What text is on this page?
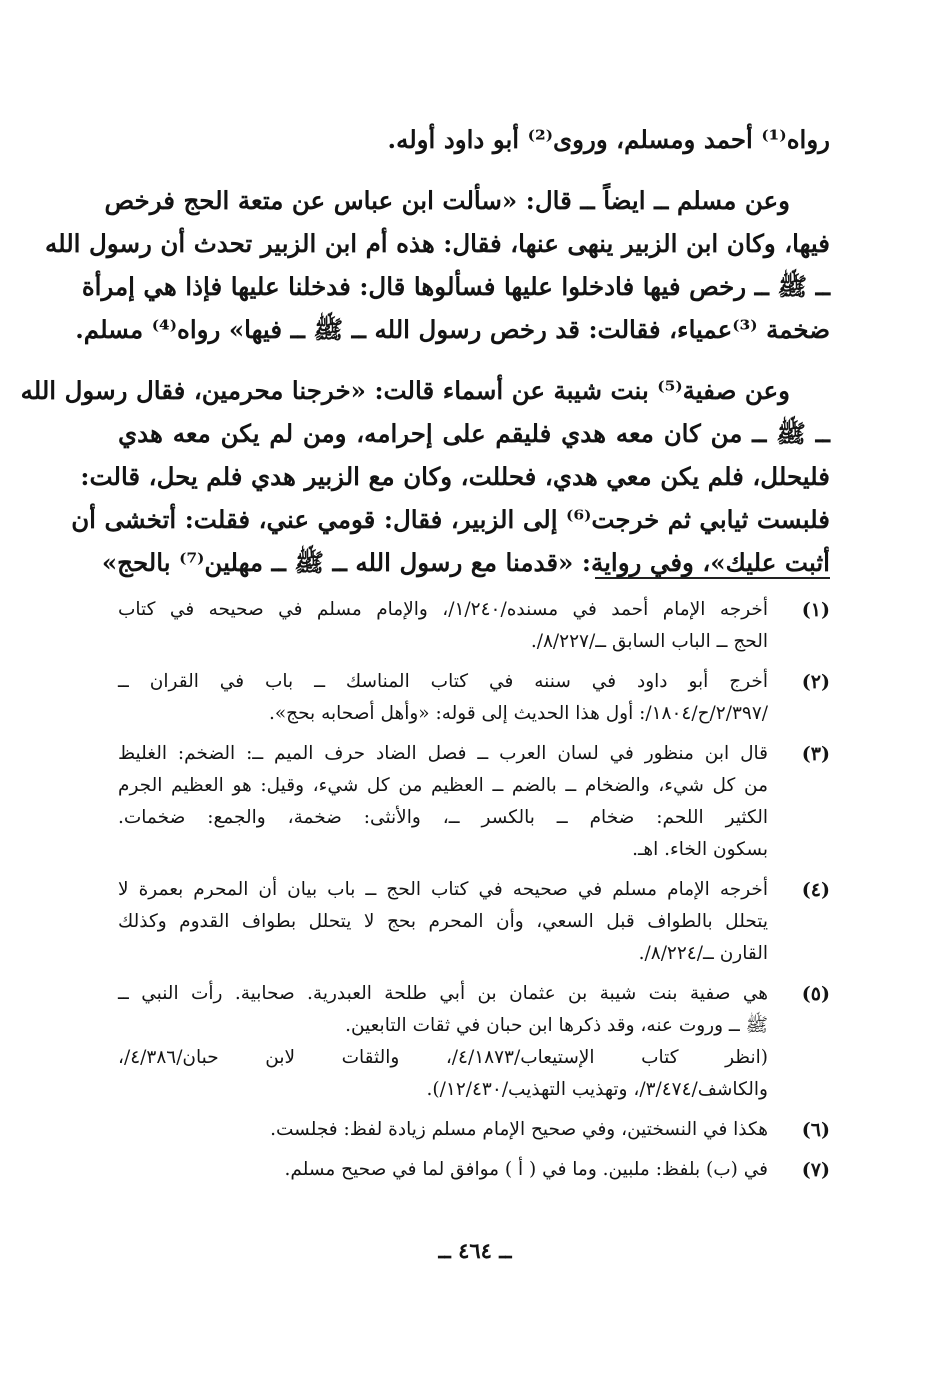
رواه⁽¹⁾ أحمد ومسلم، وروى⁽²⁾ أبو داود أوله.

وعن مسلم ــ ايضاً ــ قال: «سألت ابن عباس عن متعة الحج فرخص
فيها، وكان ابن الزبير ينهى عنها، فقال: هذه أم ابن الزبير تحدث أن رسول الله
ــ ﷺ ــ رخص فيها فادخلوا عليها فسألوها قال: فدخلنا عليها فإذا هي إمرأة
ضخمة ⁽³⁾عمياء، فقالت: قد رخص رسول الله ــ ﷺ ــ فيها» رواه⁽⁴⁾ مسلم.

وعن صفية⁽⁵⁾ بنت شيبة عن أسماء قالت: «خرجنا محرمين، فقال رسول الله
ــ ﷺ ــ من كان معه هدي فليقم على إحرامه، ومن لم يكن معه هدي
فليحلل، فلم يكن معي هدي، فحللت، وكان مع الزبير هدي فلم يحل، قالت:
فلبست ثيابي ثم خرجت⁽⁶⁾ إلى الزبير، فقال: قومي عني، فقلت: أتخشى أن
أثبت عليك»، وفي رواية: «قدمنا مع رسول الله ــ ﷺ ــ مهلين⁽⁷⁾ بالحج»

(١)
أخرجه الإمام أحمد في مسنده/١/٢٤٠/، والإمام مسلم في صحيحه في كتاب
الحج ــ الباب السابق ــ/٨/٢٢٧/.
(٢)
أخرج أبو داود في سننه في كتاب المناسك ــ باب في القران ــ
/٢/٣٩٧/ح/١٨٠٤/: أول هذا الحديث إلى قوله: «وأهل أصحابه بحج».
(٣)
قال ابن منظور في لسان العرب ــ فصل الضاد حرف الميم ــ: الضخم: الغليظ
من كل شيء، والضخام ــ بالضم ــ العظيم من كل شيء، وقيل: هو العظيم الجرم
الكثير اللحم: ضخام ــ بالكسر ــ، والأنثى: ضخمة، والجمع: ضخمات.
بسكون الخاء. اهـ.
(٤)
أخرجه الإمام مسلم في صحيحه في كتاب الحج ــ باب بيان أن المحرم بعمرة لا
يتحلل بالطواف قبل السعي، وأن المحرم بحج لا يتحلل بطواف القدوم وكذلك
القارن ــ/٨/٢٢٤/.
(٥)
هي صفية بنت شيبة بن عثمان بن أبي طلحة العبدرية. صحابية. رأت النبي ــ
ﷺ ــ وروت عنه، وقد ذكرها ابن حبان في ثقات التابعين.
(انظر كتاب الإستيعاب/٤/١٨٧٣/، والثقات لابن حبان/٤/٣٨٦/،
والكاشف/٣/٤٧٤/، وتهذيب التهذيب/١٢/٤٣٠/).
(٦)
هكذا في النسختين، وفي صحيح الإمام مسلم زيادة لفظ: فجلست.
(٧)
في (ب) بلفظ: ملبين. وما في ( أ ) موافق لما في صحيح مسلم.
ــ ٤٦٤ ــ
